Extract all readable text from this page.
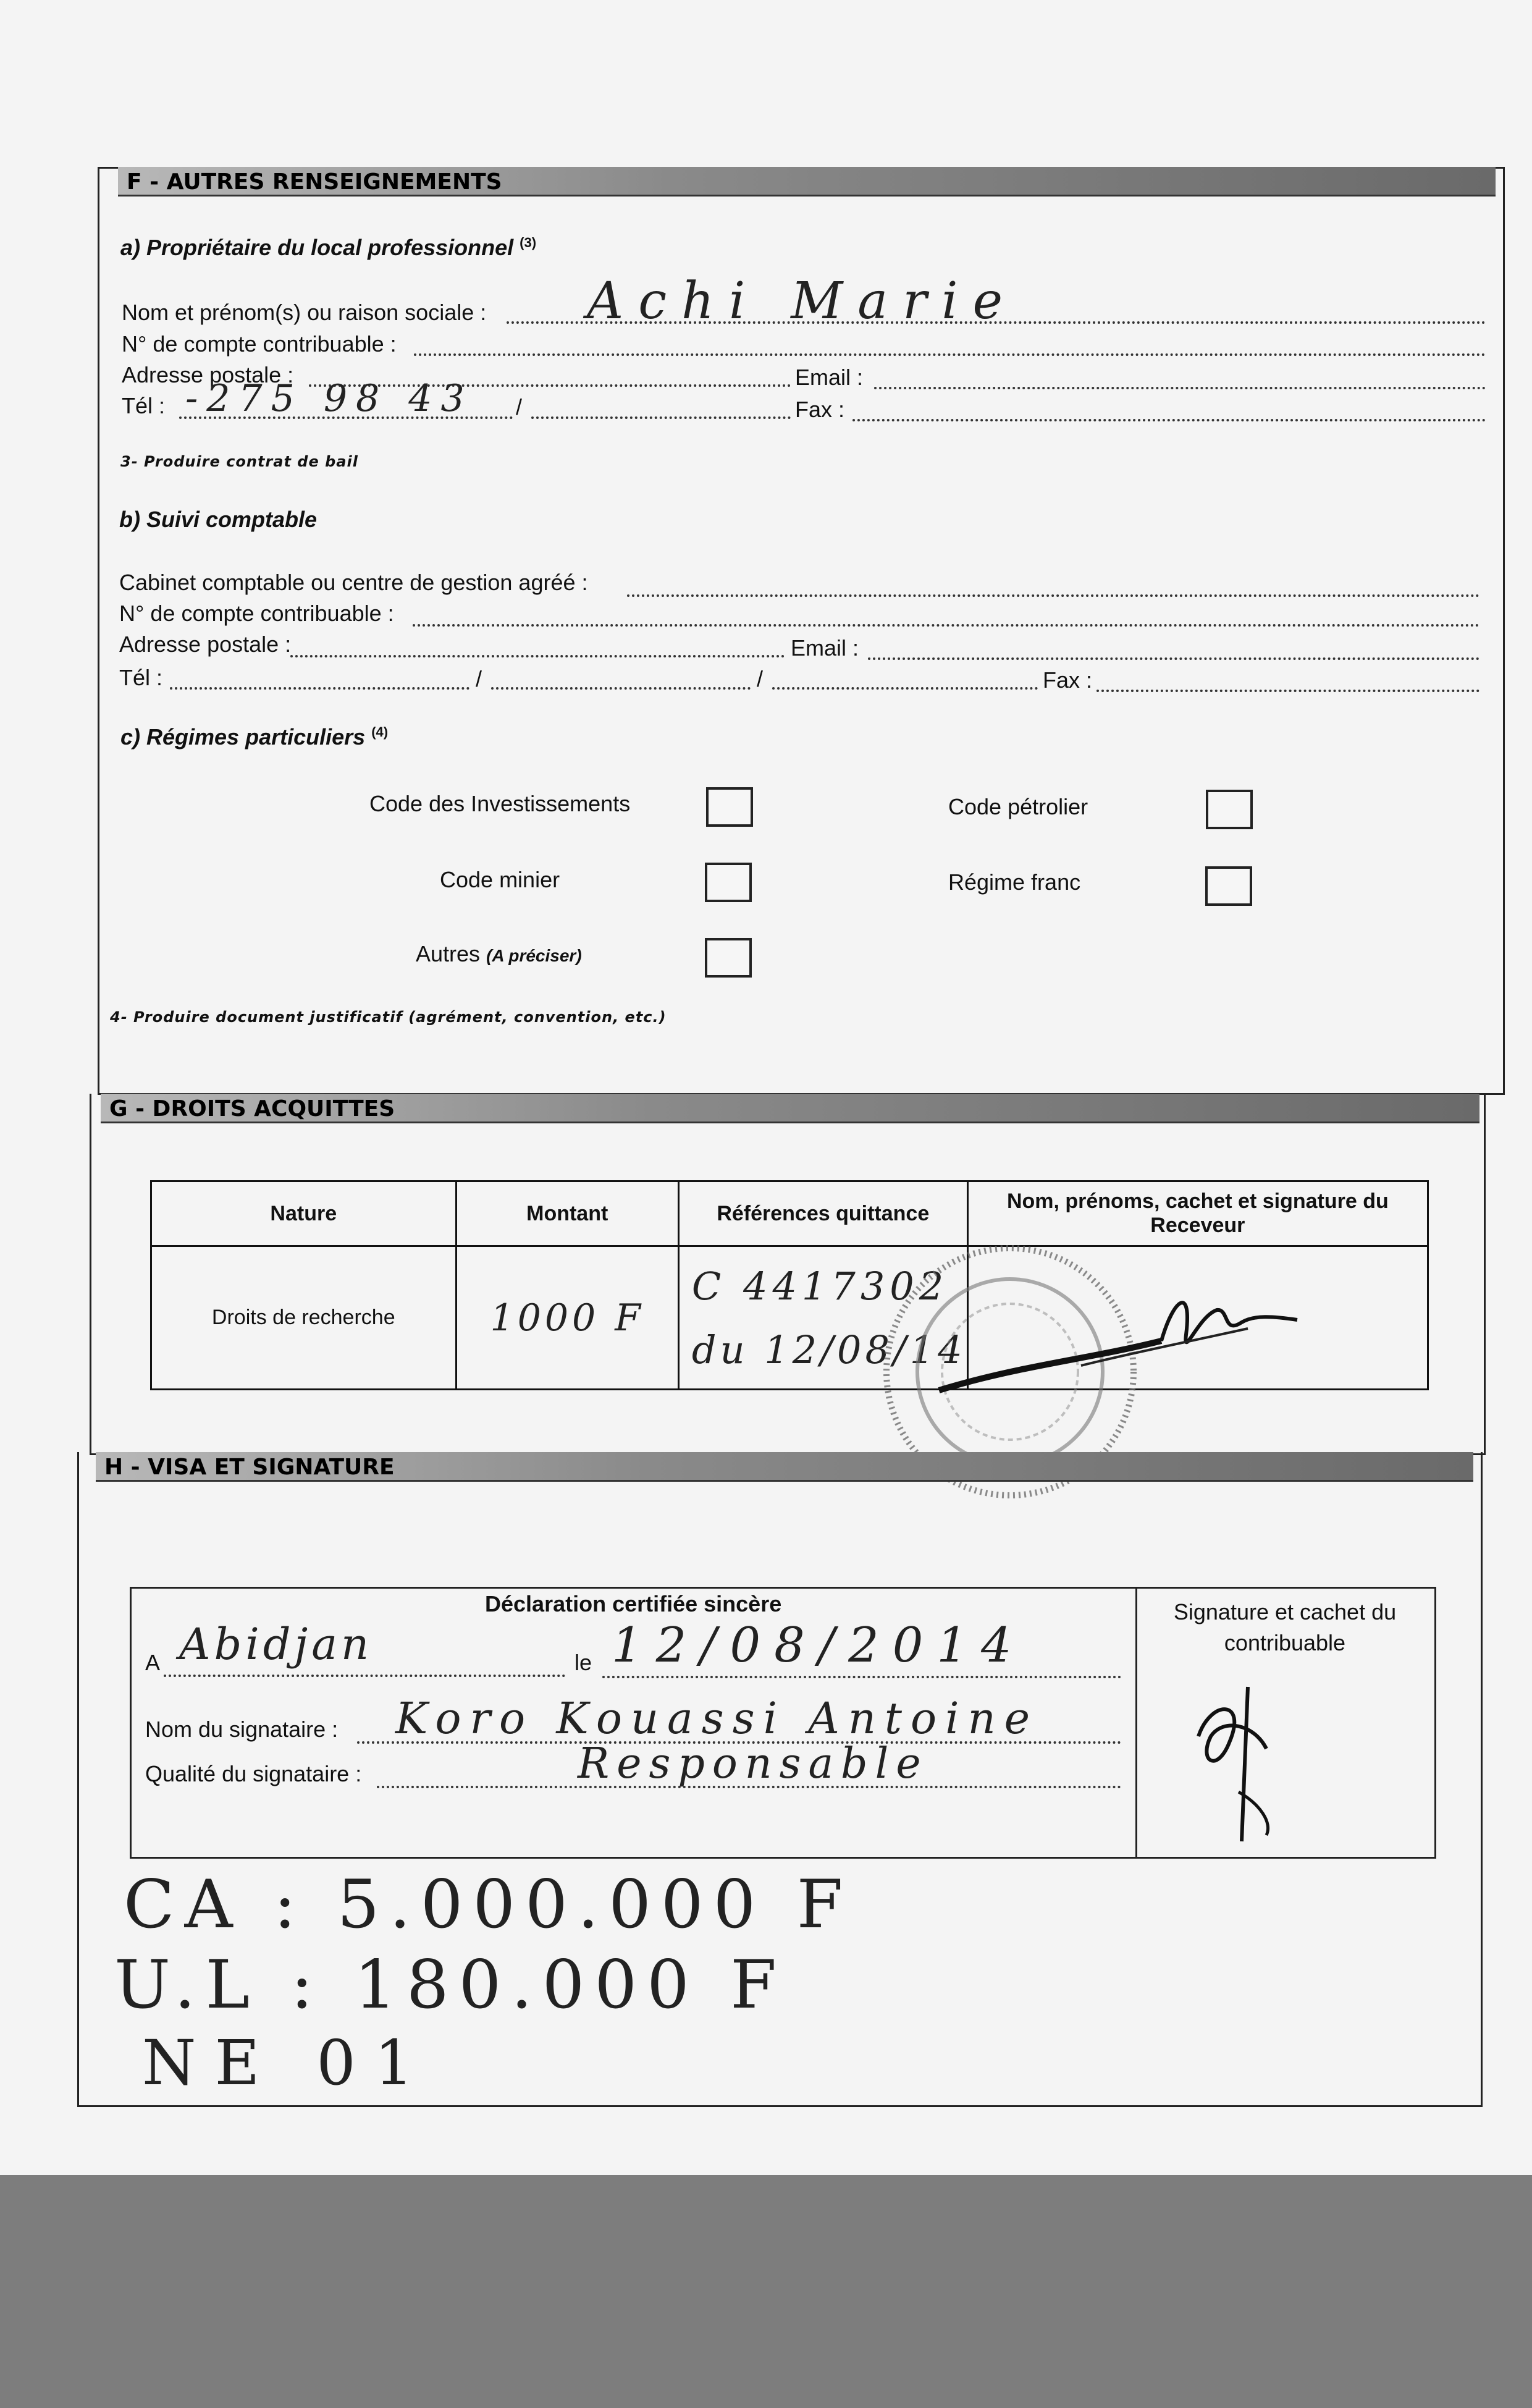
F - AUTRES RENSEIGNEMENTS
a) Propriétaire du local professionnel $^{(3)}$
Nom et prénom(s) ou raison sociale : Achi Marie
N° de compte contribuable :
Adresse postale :	Email :
Tél : -275 98 43 /	Fax :
3- Produire contrat de bail
b) Suivi comptable
Cabinet comptable ou centre de gestion agréé :
N° de compte contribuable :
Adresse postale :	Email :
Tél :	/	/	Fax :
c) Régimes particuliers $^{(4)}$
Code des Investissements	Code pétrolier
Code minier	Régime franc
Autres (A préciser)
4- Produire document justificatif (agrément, convention, etc.)
G - DROITS ACQUITTES
Nature	Montant	Références quittance	Nom, prénoms, cachet et signature du Receveur
Droits de recherche	1000 F	C 4417302
du 12/08/14	

H - VISA ET SIGNATURE
Déclaration certifiée sincère
A Abidjan	le 12/08/2014
Nom du signataire : Koro Kouassi Antoine
Qualité du signataire :	Responsable
Signature et cachet du contribuable
CA : 5.000.000 F
U.L : 180.000 F
NE 01
